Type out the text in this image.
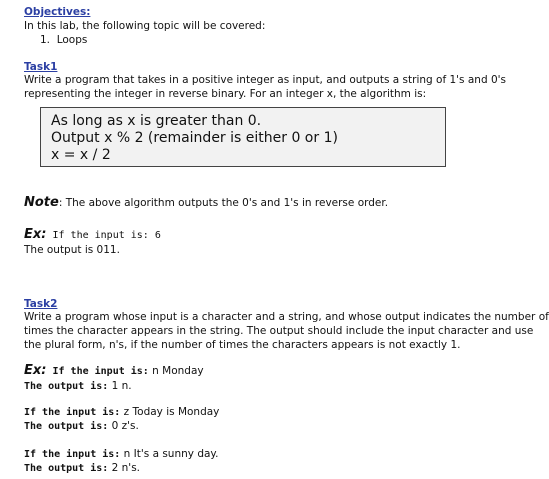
Objectives:
In this lab, the following topic will be covered:
1. Loops
Task1
Write a program that takes in a positive integer as input, and outputs a string of 1's and 0's
representing the integer in reverse binary. For an integer x, the algorithm is:
As long as x is greater than 0.
Output x % 2 (remainder is either 0 or 1)
x = x / 2
Note: The above algorithm outputs the 0's and 1's in reverse order.
Ex: If the input is: 6
The output is 011.
Task2
Write a program whose input is a character and a string, and whose output indicates the number of
times the character appears in the string. The output should include the input character and use
the plural form, n's, if the number of times the characters appears is not exactly 1.
Ex: If the input is: n Monday
The output is: 1 n.
If the input is: z Today is Monday
The output is: 0 z's.
If the input is: n It's a sunny day.
The output is: 2 n's.
